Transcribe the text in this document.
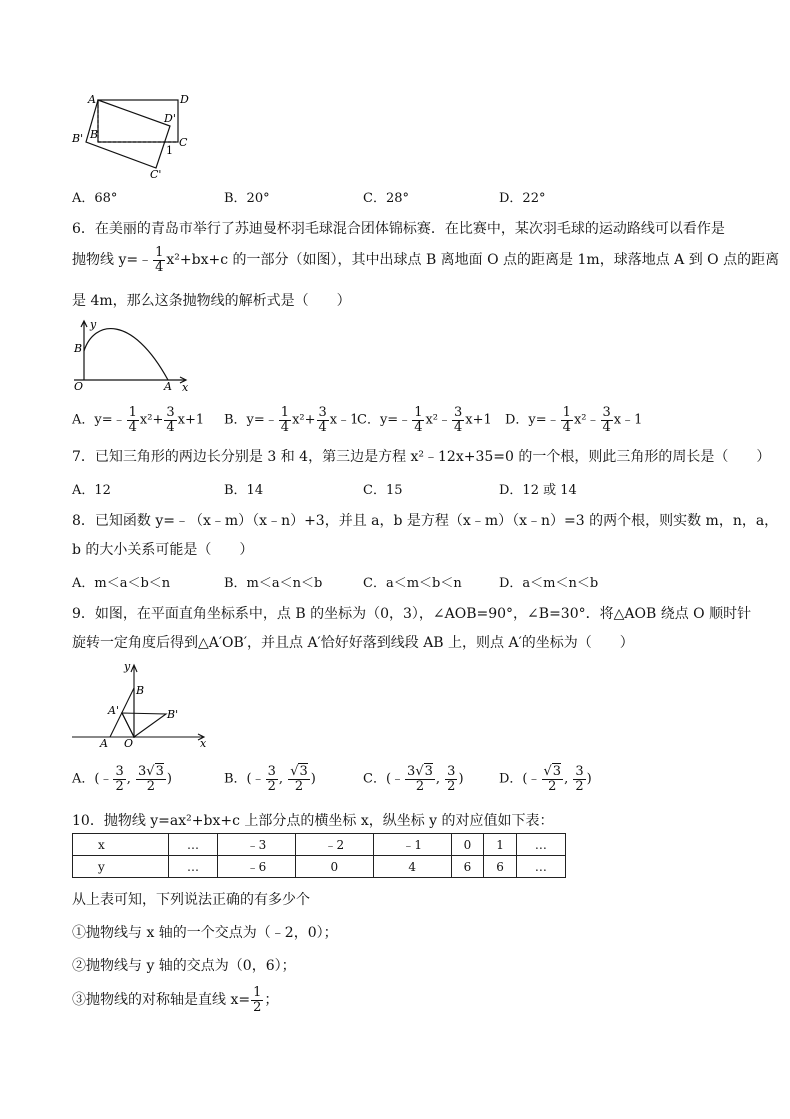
A	D
D'
B' B
C
1
C'
A．68°	B．20°	C．28°	D．22°
6．在美丽的青岛市举行了苏迪曼杯羽毛球混合团体锦标赛．在比赛中，某次羽毛球的运动路线可以看作是
抛物线 y=﹣ $\frac{1}{4} x^2+bx+c$ 的一部分（如图），其中出球点 B 离地面 O 点的距离是 1m，球落地点 A 到 O 点的距离
是 4m，那么这条抛物线的解析式是（　　）
y
B
O	A x
A．y=﹣ $\frac{1}{4} x^2+ \frac{3}{4} x+1$ B．y=﹣ $\frac{1}{4} x^2+ \frac{3}{4}$ x﹣1
C．y=﹣ $\frac{1}{4}$ x²﹣ $\frac{3}{4} x+1$ D．y=﹣ $\frac{1}{4}$ x²﹣ $\frac{3}{4}$ x﹣1
7．已知三角形的两边长分别是 3 和 4，第三边是方程 x²﹣12x+35=0 的一个根，则此三角形的周长是（　　）
A．12	B．14	C．15	D．12 或 14
8．已知函数 y=﹣（x﹣m）（x﹣n）+3，并且 a，b 是方程（x﹣m）（x﹣n）=3 的两个根，则实数 m，n，a，
b 的大小关系可能是（　　）
A．m＜a＜b＜n	B．m＜a＜n＜b	C．a＜m＜b＜n	D．a＜m＜n＜b
9．如图，在平面直角坐标系中，点 B 的坐标为（0，3），∠AOB=90°，∠B=30°．将△AOB 绕点 O 顺时针
旋转一定角度后得到△A′OB′，并且点 A′恰好好落到线段 AB 上，则点 A′的坐标为（　　）
y
B
A'	B'
A O	x
A．(﹣ $\frac{3}{2}$ , $\frac{3√3}{2}$ )	B．(﹣ $\frac{3}{2}$ , $\frac{√3}{2}$ )	C．(﹣ $\frac{3√3}{2}$ , $\frac{3}{2}$ )	D．(﹣ $\frac{√3}{2}$ , $\frac{3}{2}$ )
10．抛物线 y=ax²+bx+c 上部分点的横坐标 x，纵坐标 y 的对应值如下表：
x	…	﹣3	﹣2	﹣1	0	1	…
y	…	﹣6	0	4	6	6	…
从上表可知，下列说法正确的有多少个
①抛物线与 x 轴的一个交点为（﹣2，0）；
②抛物线与 y 轴的交点为（0，6）；
③抛物线的对称轴是直线 $x= \frac{1}{2}$ ；
